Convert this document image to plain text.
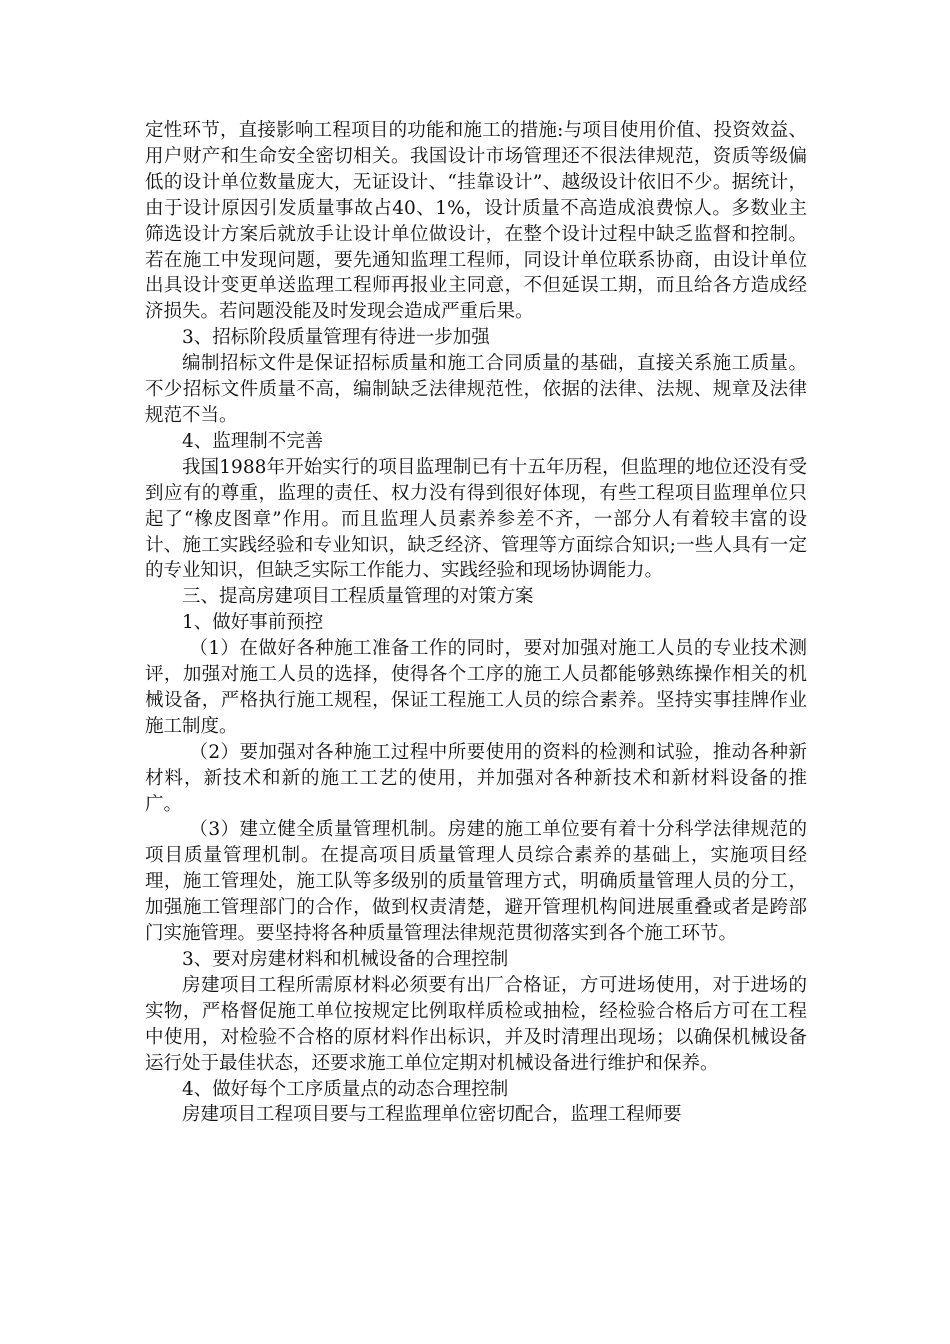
定性环节，直接影响工程项目的功能和施工的措施:与项目使用价值、投资效益、用户财产和生命安全密切相关。我国设计市场管理还不很法律规范，资质等级偏低的设计单位数量庞大，无证设计、“挂靠设计”、越级设计依旧不少。据统计，由于设计原因引发质量事故占40、1%，设计质量不高造成浪费惊人。多数业主筛选设计方案后就放手让设计单位做设计，在整个设计过程中缺乏监督和控制。若在施工中发现问题，要先通知监理工程师，同设计单位联系协商，由设计单位出具设计变更单送监理工程师再报业主同意，不但延误工期，而且给各方造成经济损失。若问题没能及时发现会造成严重后果。

3、招标阶段质量管理有待进一步加强

编制招标文件是保证招标质量和施工合同质量的基础，直接关系施工质量。不少招标文件质量不高，编制缺乏法律规范性，依据的法律、法规、规章及法律规范不当。

4、监理制不完善

我国1988年开始实行的项目监理制已有十五年历程，但监理的地位还没有受到应有的尊重，监理的责任、权力没有得到很好体现，有些工程项目监理单位只起了“橡皮图章”作用。而且监理人员素养参差不齐，一部分人有着较丰富的设计、施工实践经验和专业知识，缺乏经济、管理等方面综合知识;一些人具有一定的专业知识，但缺乏实际工作能力、实践经验和现场协调能力。

三、提高房建项目工程质量管理的对策方案

1、做好事前预控

（1）在做好各种施工准备工作的同时，要对加强对施工人员的专业技术测评，加强对施工人员的选择，使得各个工序的施工人员都能够熟练操作相关的机械设备，严格执行施工规程，保证工程施工人员的综合素养。坚持实事挂牌作业施工制度。

（2）要加强对各种施工过程中所要使用的资料的检测和试验，推动各种新材料，新技术和新的施工工艺的使用，并加强对各种新技术和新材料设备的推广。

（3）建立健全质量管理机制。房建的施工单位要有着十分科学法律规范的项目质量管理机制。在提高项目质量管理人员综合素养的基础上，实施项目经理，施工管理处，施工队等多级别的质量管理方式，明确质量管理人员的分工，加强施工管理部门的合作，做到权责清楚，避开管理机构间进展重叠或者是跨部门实施管理。要坚持将各种质量管理法律规范贯彻落实到各个施工环节。

3、要对房建材料和机械设备的合理控制

房建项目工程所需原材料必须要有出厂合格证，方可进场使用，对于进场的实物，严格督促施工单位按规定比例取样质检或抽检，经检验合格后方可在工程中使用，对检验不合格的原材料作出标识，并及时清理出现场；以确保机械设备运行处于最佳状态，还要求施工单位定期对机械设备进行维护和保养。

4、做好每个工序质量点的动态合理控制

房建项目工程项目要与工程监理单位密切配合，监理工程师要
